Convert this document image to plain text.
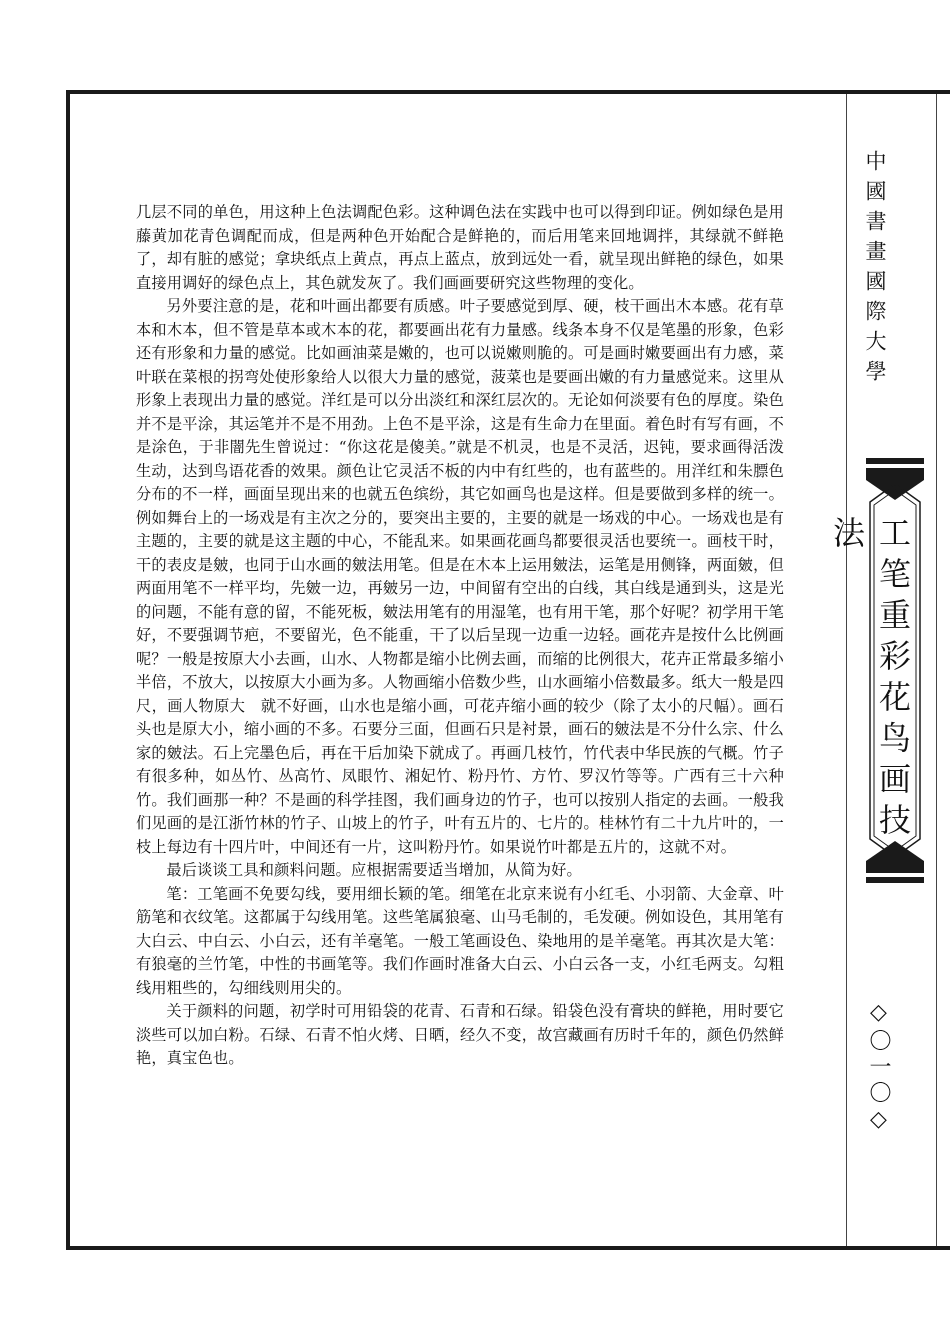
几层不同的单色，用这种上色法调配色彩。这种调色法在实践中也可以得到印证。例如绿色是用藤黄加花青色调配而成，但是两种色开始配合是鲜艳的，而后用笔来回地调拌，其绿就不鲜艳了，却有脏的感觉；拿块纸点上黄点，再点上蓝点，放到远处一看，就呈现出鲜艳的绿色，如果直接用调好的绿色点上，其色就发灰了。我们画画要研究这些物理的变化。

另外要注意的是，花和叶画出都要有质感。叶子要感觉到厚、硬，枝干画出木本感。花有草本和木本，但不管是草本或木本的花，都要画出花有力量感。线条本身不仅是笔墨的形象，色彩还有形象和力量的感觉。比如画油菜是嫩的，也可以说嫩则脆的。可是画时嫩要画出有力感，菜叶联在菜根的拐弯处使形象给人以很大力量的感觉，菠菜也是要画出嫩的有力量感觉来。这里从形象上表现出力量的感觉。洋红是可以分出淡红和深红层次的。无论如何淡要有色的厚度。染色并不是平涂，其运笔并不是不用劲。上色不是平涂，这是有生命力在里面。着色时有写有画，不是涂色，于非闇先生曾说过：“你这花是傻美。”就是不机灵，也是不灵活，迟钝，要求画得活泼生动，达到鸟语花香的效果。颜色让它灵活不板的内中有红些的，也有蓝些的。用洋红和朱膘色分布的不一样，画面呈现出来的也就五色缤纷，其它如画鸟也是这样。但是要做到多样的统一。例如舞台上的一场戏是有主次之分的，要突出主要的，主要的就是一场戏的中心。一场戏也是有主题的，主要的就是这主题的中心，不能乱来。如果画花画鸟都要很灵活也要统一。画枝干时，干的表皮是皴，也同于山水画的皴法用笔。但是在木本上运用皴法，运笔是用侧锋，两面皴，但两面用笔不一样平均，先皴一边，再皴另一边，中间留有空出的白线，其白线是通到头，这是光的问题，不能有意的留，不能死板，皴法用笔有的用湿笔，也有用干笔，那个好呢？初学用干笔好，不要强调节疤，不要留光，色不能重，干了以后呈现一边重一边轻。画花卉是按什么比例画呢？一般是按原大小去画，山水、人物都是缩小比例去画，而缩的比例很大，花卉正常最多缩小半倍，不放大，以按原大小画为多。人物画缩小倍数少些，山水画缩小倍数最多。纸大一般是四尺，画人物原大　就不好画，山水也是缩小画，可花卉缩小画的较少（除了太小的尺幅）。画石头也是原大小，缩小画的不多。石要分三面，但画石只是衬景，画石的皴法是不分什么宗、什么家的皴法。石上完墨色后，再在干后加染下就成了。再画几枝竹，竹代表中华民族的气概。竹子有很多种，如丛竹、丛高竹、凤眼竹、湘妃竹、粉丹竹、方竹、罗汉竹等等。广西有三十六种竹。我们画那一种？不是画的科学挂图，我们画身边的竹子，也可以按别人指定的去画。一般我们见画的是江浙竹林的竹子、山坡上的竹子，叶有五片的、七片的。桂林竹有二十九片叶的，一枝上每边有十四片叶，中间还有一片，这叫粉丹竹。如果说竹叶都是五片的，这就不对。

最后谈谈工具和颜料问题。应根据需要适当增加，从简为好。

笔：工笔画不免要勾线，要用细长颖的笔。细笔在北京来说有小红毛、小羽箭、大金章、叶筋笔和衣纹笔。这都属于勾线用笔。这些笔属狼毫、山马毛制的，毛发硬。例如设色，其用笔有大白云、中白云、小白云，还有羊毫笔。一般工笔画设色、染地用的是羊毫笔。再其次是大笔：有狼毫的兰竹笔，中性的书画笔等。我们作画时准备大白云、小白云各一支，小红毛两支。勾粗线用粗些的，勾细线则用尖的。

关于颜料的问题，初学时可用铅袋的花青、石青和石绿。铅袋色没有膏块的鲜艳，用时要它淡些可以加白粉。石绿、石青不怕火烤、日晒，经久不变，故宫藏画有历时千年的，颜色仍然鲜艳，真宝色也。

中國書畫國際大學
工笔重彩花鸟画技法
◇〇一〇◇
